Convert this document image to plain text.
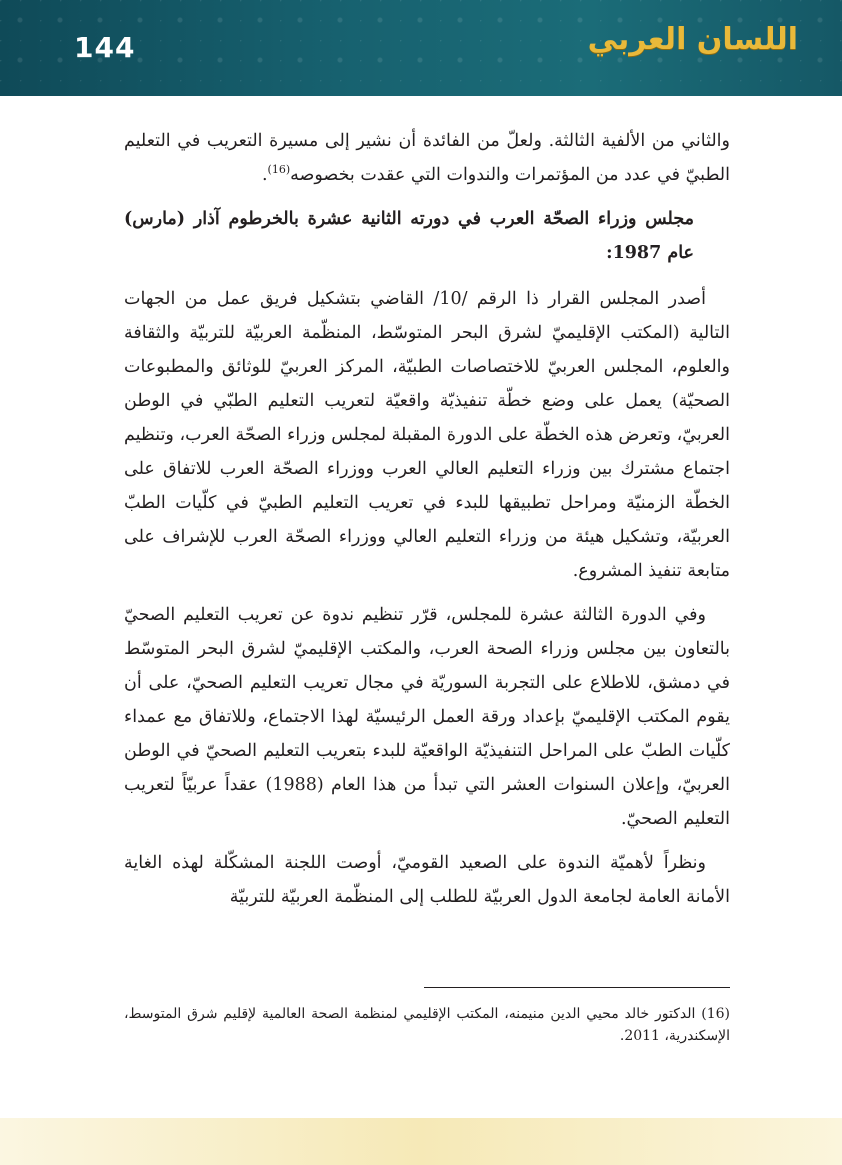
144	اللسان العربي

والثاني من الألفية الثالثة. ولعلّ من الفائدة أن نشير إلى مسيرة التعريب في التعليم الطبيّ في عدد من المؤتمرات والندوات التي عقدت بخصوصه$^{(16)}$.

مجلس وزراء الصحّة العرب في دورته الثانية عشرة بالخرطوم آذار (مارس) عام 1987:

أصدر المجلس القرار ذا الرقم /10/ القاضي بتشكيل فريق عمل من الجهات التالية (المكتب الإقليميّ لشرق البحر المتوسّط، المنظّمة العربيّة للتربيّة والثقافة والعلوم، المجلس العربيّ للاختصاصات الطبيّة، المركز العربيّ للوثائق والمطبوعات الصحيّة) يعمل على وضع خطّة تنفيذيّة واقعيّة لتعريب التعليم الطبّي في الوطن العربيّ، وتعرض هذه الخطّة على الدورة المقبلة لمجلس وزراء الصحّة العرب، وتنظيم اجتماع مشترك بين وزراء التعليم العالي العرب ووزراء الصحّة العرب للاتفاق على الخطّة الزمنيّة ومراحل تطبيقها للبدء في تعريب التعليم الطبيّ في كلّيات الطبّ العربيّة، وتشكيل هيئة من وزراء التعليم العالي ووزراء الصحّة العرب للإشراف على متابعة تنفيذ المشروع.

وفي الدورة الثالثة عشرة للمجلس، قرّر تنظيم ندوة عن تعريب التعليم الصحيّ بالتعاون بين مجلس وزراء الصحة العرب، والمكتب الإقليميّ لشرق البحر المتوسّط في دمشق، للاطلاع على التجربة السوريّة في مجال تعريب التعليم الصحيّ، على أن يقوم المكتب الإقليميّ بإعداد ورقة العمل الرئيسيّة لهذا الاجتماع، وللاتفاق مع عمداء كلّيات الطبّ على المراحل التنفيذيّة الواقعيّة للبدء بتعريب التعليم الصحيّ في الوطن العربيّ، وإعلان السنوات العشر التي تبدأ من هذا العام (1988) عقداً عربيّاً لتعريب التعليم الصحيّ.

ونظراً لأهميّة الندوة على الصعيد القوميّ، أوصت اللجنة المشكّلة لهذه الغاية الأمانة العامة لجامعة الدول العربيّة للطلب إلى المنظّمة العربيّة للتربيّة

(16) الدكتور خالد محيي الدين منيمنه، المكتب الإقليمي لمنظمة الصحة العالمية لإقليم شرق المتوسط، الإسكندرية، 2011.
